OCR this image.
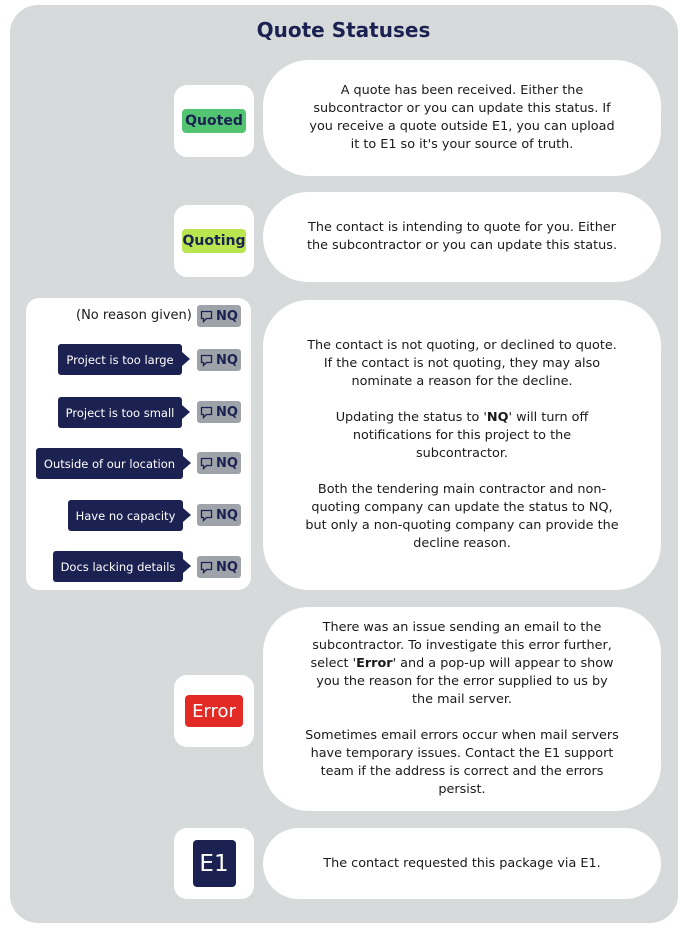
Quote Statuses
Quoted

A quote has been received. Either the subcontractor or you can update this status. If you receive a quote outside E1, you can upload it to E1 so it's your source of truth.

Quoting

The contact is intending to quote for you. Either the subcontractor or you can update this status.

(No reason given)
Project is too large
Project is too small
Outside of our location
Have no capacity
Docs lacking details
NQ
NQ
NQ
NQ
NQ
NQ

The contact is not quoting, or declined to quote. If the contact is not quoting, they may also nominate a reason for the decline.

Updating the status to 'NQ' will turn off notifications for this project to the subcontractor.

Both the tendering main contractor and non-quoting company can update the status to NQ, but only a non-quoting company can provide the decline reason.

Error

There was an issue sending an email to the subcontractor. To investigate this error further, select 'Error' and a pop-up will appear to show you the reason for the error supplied to us by the mail server.

Sometimes email errors occur when mail servers have temporary issues. Contact the E1 support team if the address is correct and the errors persist.

E1	The contact requested this package via E1.
